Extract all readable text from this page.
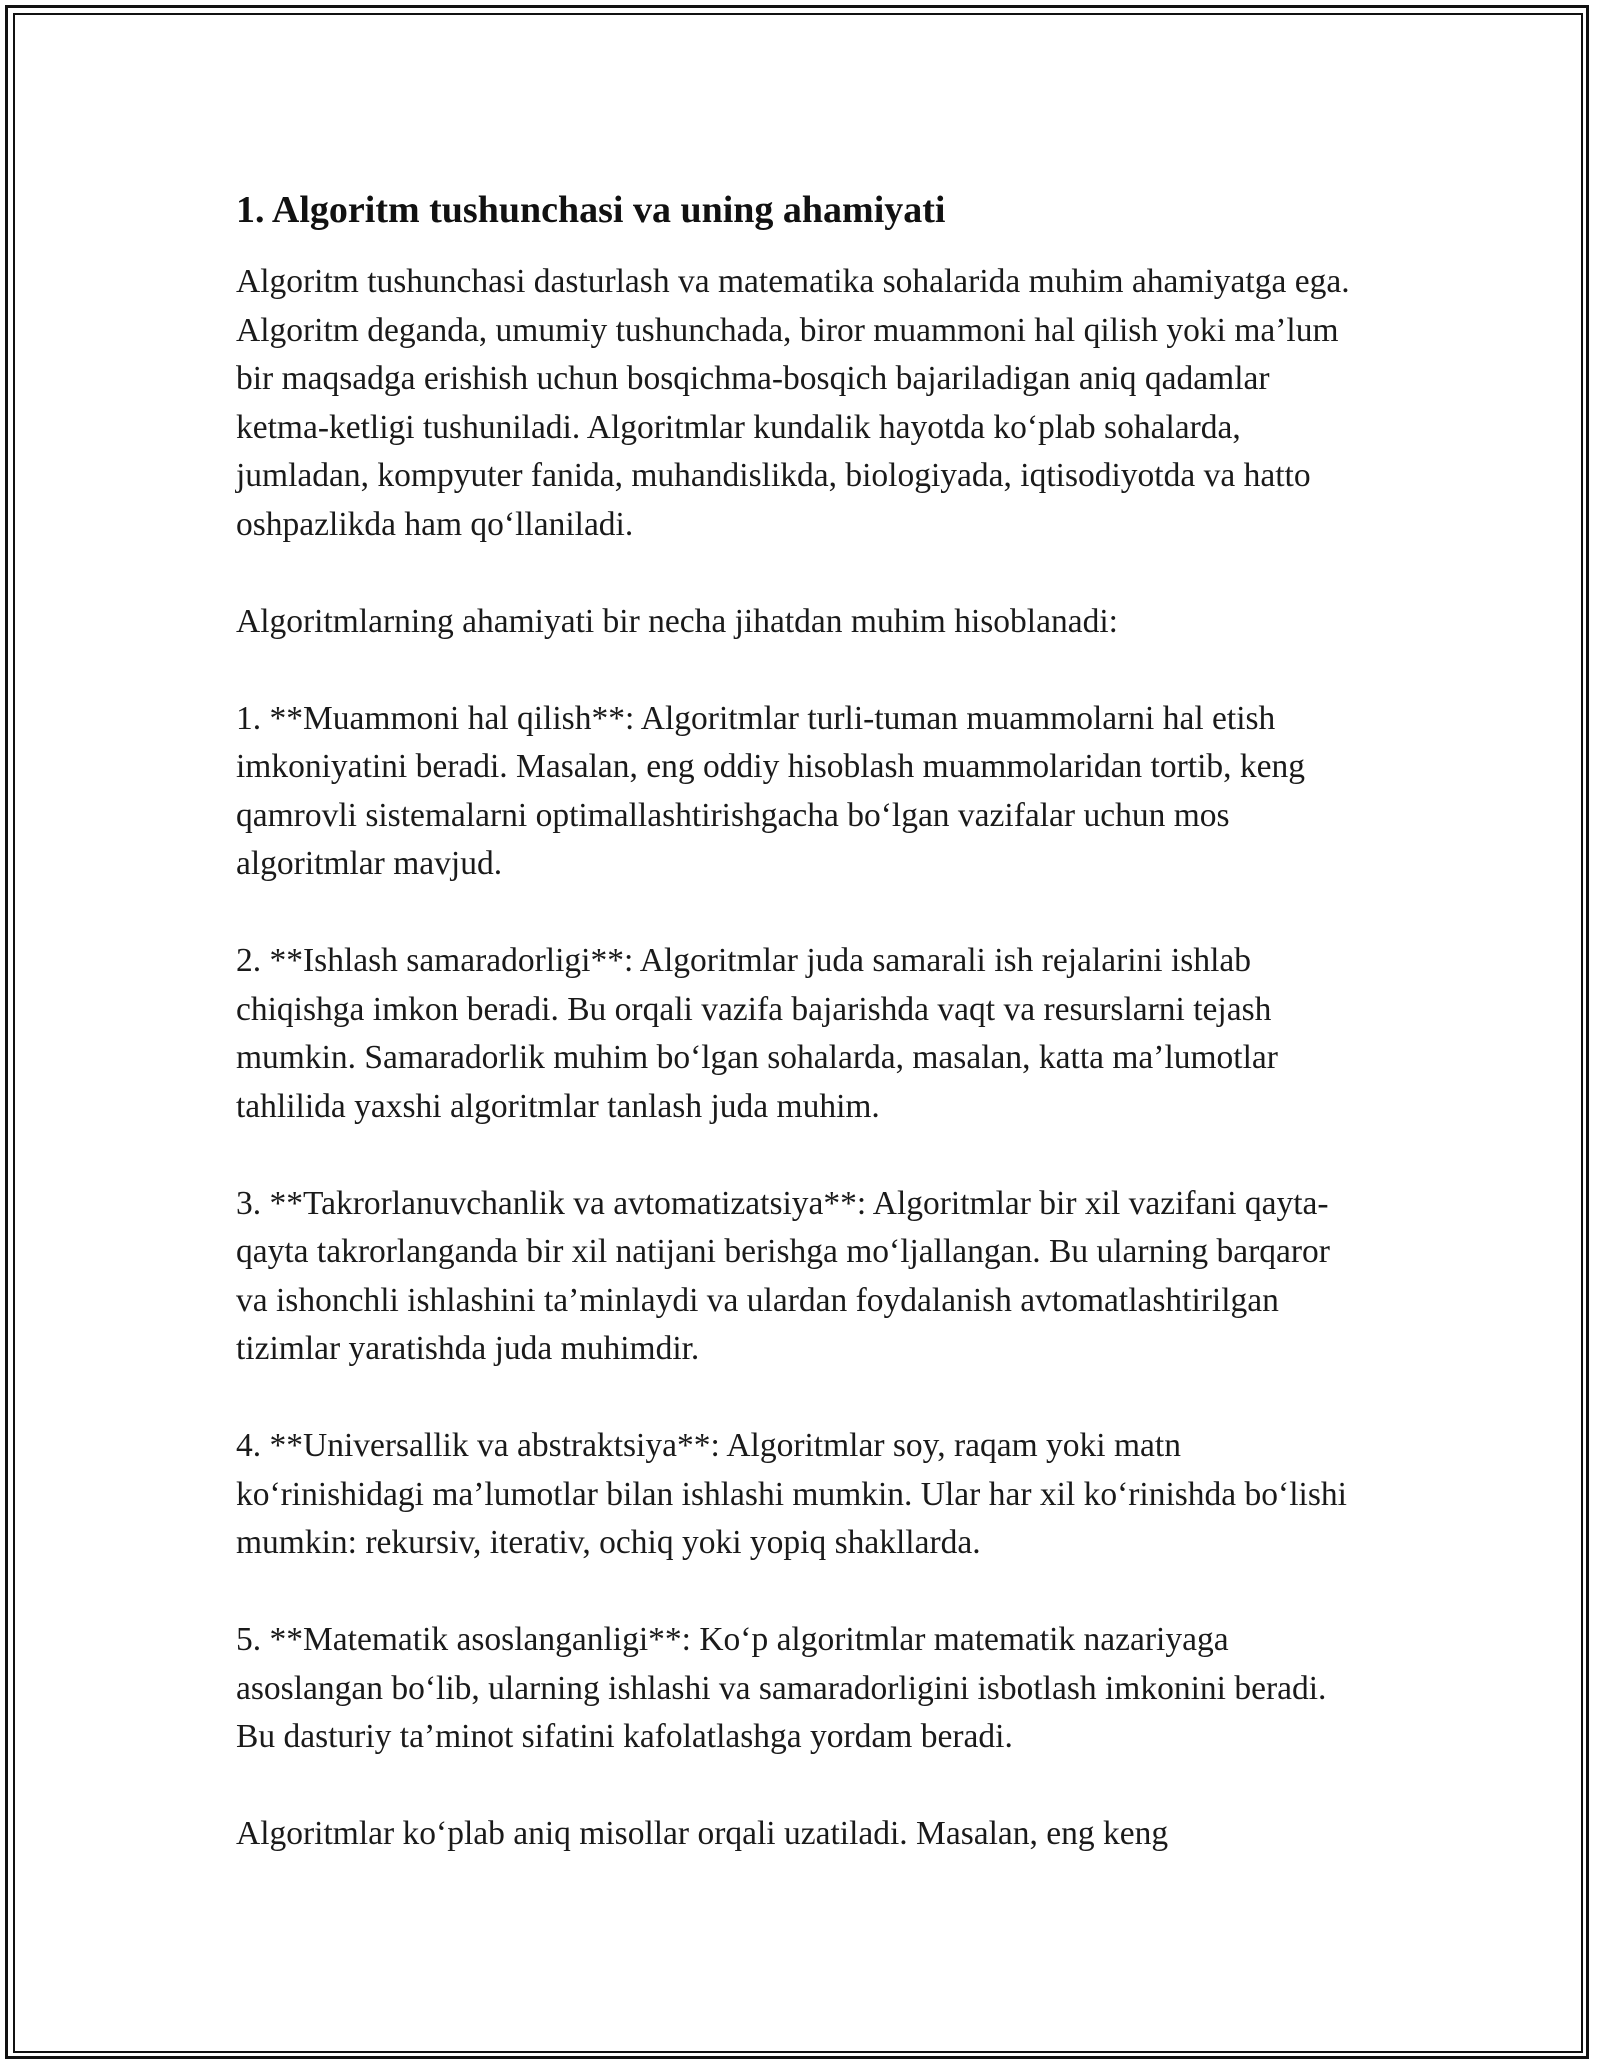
1. Algoritm tushunchasi va uning ahamiyati

Algoritm tushunchasi dasturlash va matematika sohalarida muhim ahamiyatga ega. Algoritm deganda, umumiy tushunchada, biror muammoni hal qilish yoki ma’lum bir maqsadga erishish uchun bosqichma-bosqich bajariladigan aniq qadamlar ketma-ketligi tushuniladi. Algoritmlar kundalik hayotda ko‘plab sohalarda, jumladan, kompyuter fanida, muhandislikda, biologiyada, iqtisodiyotda va hatto oshpazlikda ham qo‘llaniladi.

Algoritmlarning ahamiyati bir necha jihatdan muhim hisoblanadi:

1. **Muammoni hal qilish**: Algoritmlar turli-tuman muammolarni hal etish imkoniyatini beradi. Masalan, eng oddiy hisoblash muammolaridan tortib, keng qamrovli sistemalarni optimallashtirishgacha bo‘lgan vazifalar uchun mos algoritmlar mavjud.

2. **Ishlash samaradorligi**: Algoritmlar juda samarali ish rejalarini ishlab chiqishga imkon beradi. Bu orqali vazifa bajarishda vaqt va resurslarni tejash mumkin. Samaradorlik muhim bo‘lgan sohalarda, masalan, katta ma’lumotlar tahlilida yaxshi algoritmlar tanlash juda muhim.

3. **Takrorlanuvchanlik va avtomatizatsiya**: Algoritmlar bir xil vazifani qayta-qayta takrorlanganda bir xil natijani berishga mo‘ljallangan. Bu ularning barqaror va ishonchli ishlashini ta’minlaydi va ulardan foydalanish avtomatlashtirilgan tizimlar yaratishda juda muhimdir.

4. **Universallik va abstraktsiya**: Algoritmlar soy, raqam yoki matn ko‘rinishidagi ma’lumotlar bilan ishlashi mumkin. Ular har xil ko‘rinishda bo‘lishi mumkin: rekursiv, iterativ, ochiq yoki yopiq shakllarda.

5. **Matematik asoslanganligi**: Ko‘p algoritmlar matematik nazariyaga asoslangan bo‘lib, ularning ishlashi va samaradorligini isbotlash imkonini beradi. Bu dasturiy ta’minot sifatini kafolatlashga yordam beradi.

Algoritmlar ko‘plab aniq misollar orqali uzatiladi. Masalan, eng keng
